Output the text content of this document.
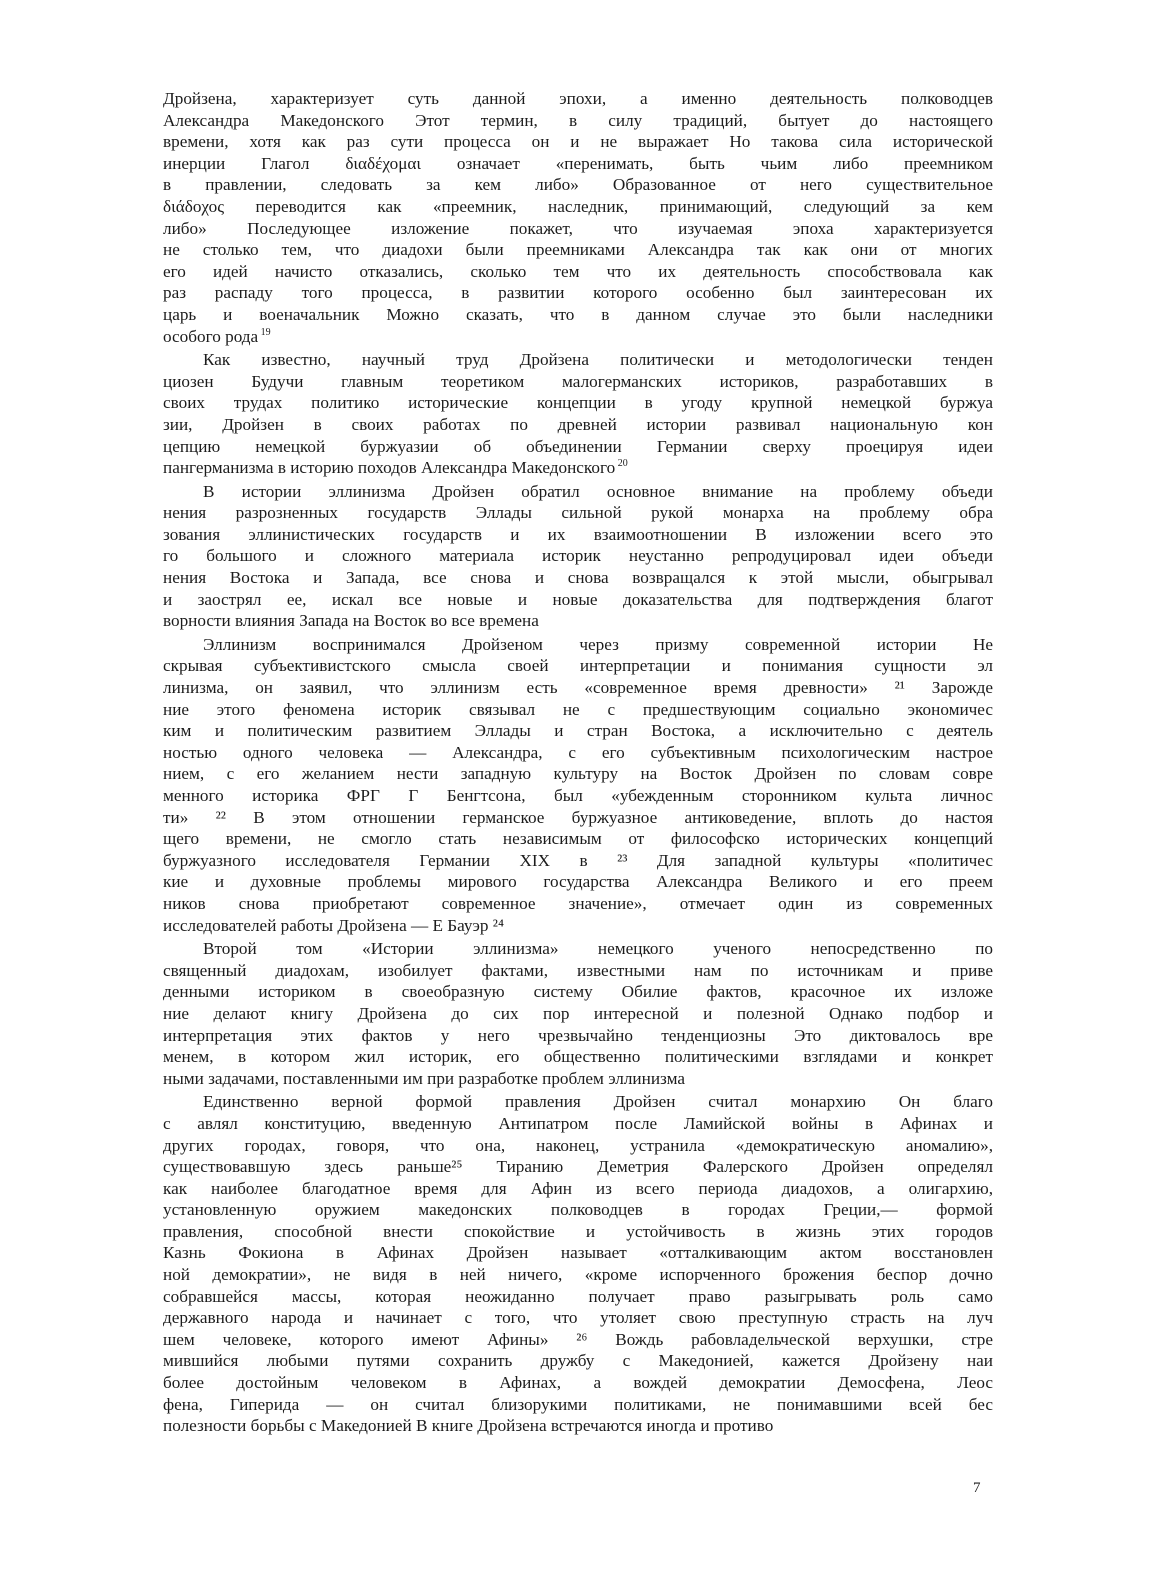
Дройзена, характеризует суть данной эпохи, а именно деятельность полководцев
Александра Македонского Этот термин, в силу традиций, бытует до настоящего
времени, хотя как раз сути процесса он и не выражает Но такова сила исторической
инерции Глагол διαδέχομαι означает «перенимать, быть чьим либо преемником
в правлении, следовать за кем либо» Образованное от него существительное
διάδοχος переводится как «преемник, наследник, принимающий, следующий за кем
либо» Последующее изложение покажет, что изучаемая эпоха характеризуется
не столько тем, что диадохи были преемниками Александра так как они от многих
его идей начисто отказались, сколько тем что их деятельность способствовала как
раз распаду того процесса, в развитии которого особенно был заинтересован их
царь и военачальник Можно сказать, что в данном случае это были наследники
особого рода $^{19}$
Как известно, научный труд Дройзена политически и методологически тенден
циозен Будучи главным теоретиком малогерманских историков, разработавших в
своих трудах политико исторические концепции в угоду крупной немецкой буржуа
зии, Дройзен в своих работах по древней истории развивал национальную кон
цепцию немецкой буржуазии об объединении Германии сверху проецируя идеи
пангерманизма в историю походов Александра Македонского $^{20}$
В истории эллинизма Дройзен обратил основное внимание на проблему объеди
нения разрозненных государств Эллады сильной рукой монарха на проблему обра
зования эллинистических государств и их взаимоотношении В изложении всего это
го большого и сложного материала историк неустанно репродуцировал идеи объеди
нения Востока и Запада, все снова и снова возвращался к этой мысли, обыгрывал
и заострял ее, искал все новые и новые доказательства для подтверждения благот
ворности влияния Запада на Восток во все времена
Эллинизм воспринимался Дройзеном через призму современной истории Не
скрывая субъективистского смысла своей интерпретации и понимания сущности эл
линизма, он заявил, что эллинизм есть «современное время древности» ²¹ Зарожде
ние этого феномена историк связывал не с предшествующим социально экономичес
ким и политическим развитием Эллады и стран Востока, а исключительно с деятель
ностью одного человека — Александра, с его субъективным психологическим настрое
нием, с его желанием нести западную культуру на Восток Дройзен по словам совре
менного историка ФРГ Г Бенгтсона, был «убежденным сторонником культа личнос
ти» ²² В этом отношении германское буржуазное антиковедение, вплоть до настоя
щего времени, не смогло стать независимым от философско исторических концепций
буржуазного исследователя Германии XIX в ²³ Для западной культуры «политичес
кие и духовные проблемы мирового государства Александра Великого и его преем
ников снова приобретают современное значение», отмечает один из современных
исследователей работы Дройзена — Е Бауэр ²⁴
Второй том «Истории эллинизма» немецкого ученого непосредственно по
священный диадохам, изобилует фактами, известными нам по источникам и приве
денными историком в своеобразную систему Обилие фактов, красочное их изложе
ние делают книгу Дройзена до сих пор интересной и полезной Однако подбор и
интерпретация этих фактов у него чрезвычайно тенденциозны Это диктовалось вре
менем, в котором жил историк, его общественно политическими взглядами и конкрет
ными задачами, поставленными им при разработке проблем эллинизма
Единственно верной формой правления Дройзен считал монархию Он благо
с авлял конституцию, введенную Антипатром после Ламийской войны в Афинах и
других городах, говоря, что она, наконец, устранила «демократическую аномалию»,
существовавшую здесь раньше²⁵ Тиранию Деметрия Фалерского Дройзен определял
как наиболее благодатное время для Афин из всего периода диадохов, а олигархию,
установленную оружием македонских полководцев в городах Греции,— формой
правления, способной внести спокойствие и устойчивость в жизнь этих городов
Казнь Фокиона в Афинах Дройзен называет «отталкивающим актом восстановлен
ной демократии», не видя в ней ничего, «кроме испорченного брожения беспор дочно
собравшейся массы, которая неожиданно получает право разыгрывать роль само
державного народа и начинает с того, что утоляет свою преступную страсть на луч
шем человеке, которого имеют Афины» ²⁶ Вождь рабовладельческой верхушки, стре
мившийся любыми путями сохранить дружбу с Македонией, кажется Дройзену наи
более достойным человеком в Афинах, а вождей демократии Демосфена, Леос
фена, Гиперида — он считал близорукими политиками, не понимавшими всей бес
полезности борьбы с Македонией В книге Дройзена встречаются иногда и противо
7
